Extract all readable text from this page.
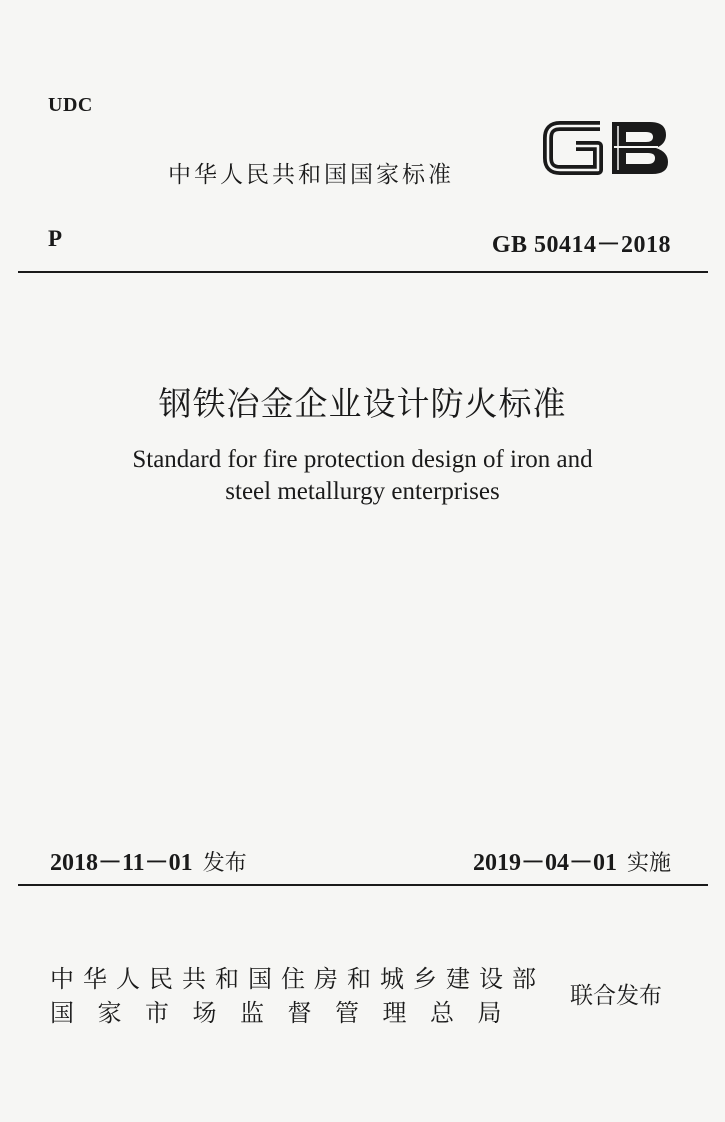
UDC
中华人民共和国国家标准
P	GB 50414－2018
钢铁冶金企业设计防火标准
Standard for fire protection design of iron and
steel metallurgy enterprises
2018－11－01 发布	2019－04－01 实施
中华人民共和国住房和城乡建设部
国家市场监督管理总局
联合发布
